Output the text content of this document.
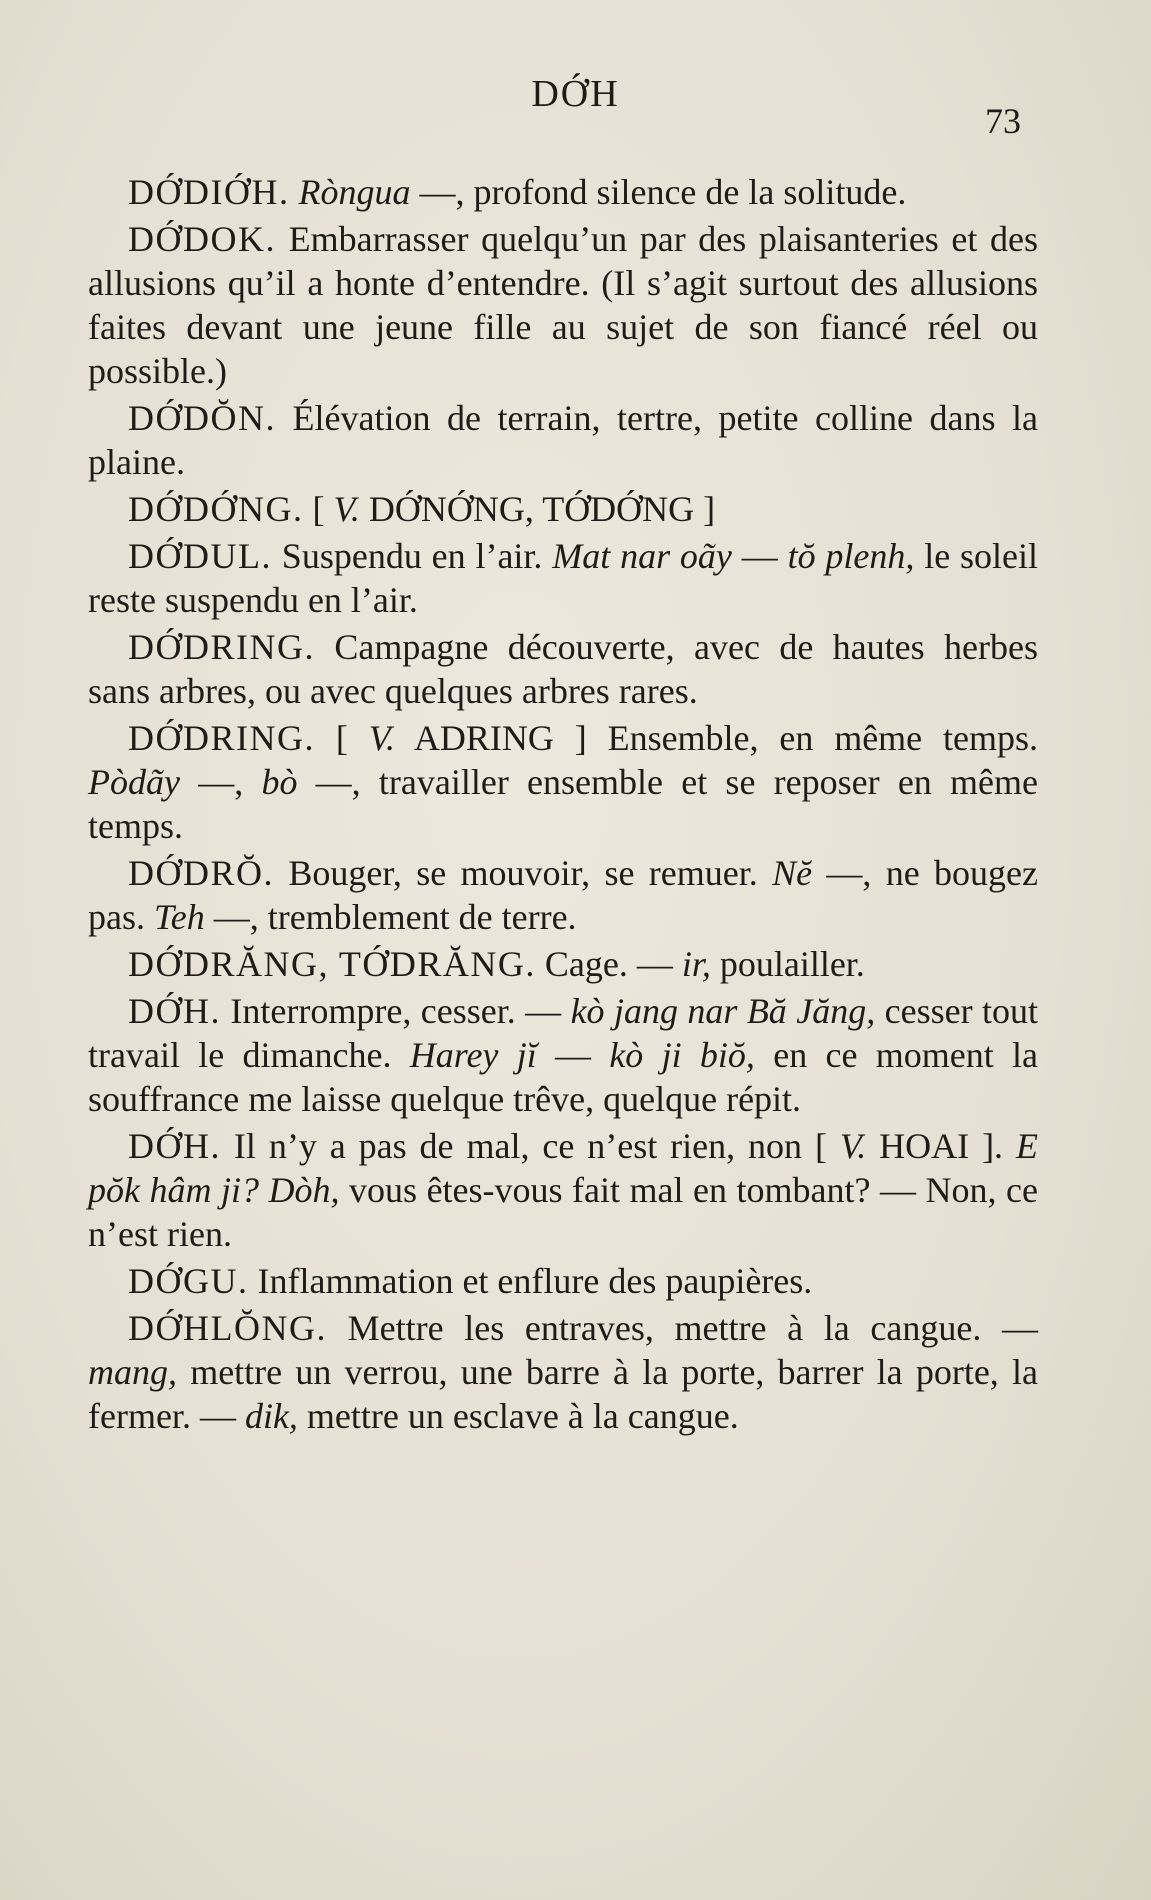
DỚH
73

DỚDIỚH. Ròngua —, profond silence de la solitude.

DỚDOK. Embarrasser quelqu’un par des plaisanteries et des allusions qu’il a honte d’entendre. (Il s’agit surtout des allusions faites devant une jeune fille au sujet de son fiancé réel ou possible.)

DỚDŎN. Élévation de terrain, tertre, petite colline dans la plaine.

DỚDỚNG. [ V. DỚNỚNG, TỚDỚNG ]

DỚDUL. Suspendu en l’air. Mat nar oãy — tŏ plenh, le soleil reste suspendu en l’air.

DỚDRING. Campagne découverte, avec de hautes herbes sans arbres, ou avec quelques arbres rares.

DỚDRING. [ V. ADRING ] Ensemble, en même temps. Pòdãy —, bò —, travailler ensemble et se reposer en même temps.

DỚDRŎ. Bouger, se mouvoir, se remuer. Nĕ —, ne bougez pas. Teh —, tremblement de terre.

DỚDRĂNG, TỚDRĂNG. Cage. — ir, poulailler.

DỚH. Interrompre, cesser. — kò jang nar Bă Jăng, cesser tout travail le dimanche. Harey jĭ — kò ji biŏ, en ce moment la souffrance me laisse quelque trêve, quelque répit.

DỚH. Il n’y a pas de mal, ce n’est rien, non [ V. HOAI ]. E pŏk hâm ji? Dòh, vous êtes-vous fait mal en tombant? — Non, ce n’est rien.

DỚGU. Inflammation et enflure des paupières.

DỚHLŎNG. Mettre les entraves, mettre à la cangue. — mang, mettre un verrou, une barre à la porte, barrer la porte, la fermer. — dik, mettre un esclave à la cangue.
